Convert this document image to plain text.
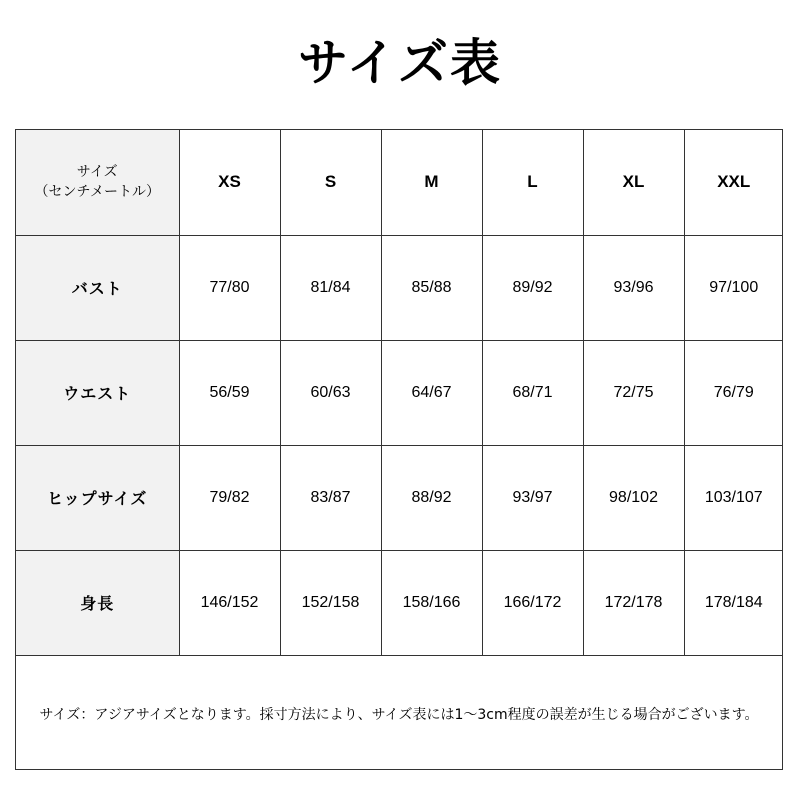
サイズ表
サイズ
（センチメートル）	XS	S	M	L	XL	XXL
バスト	77/80	81/84	85/88	89/92	93/96	97/100
ウエスト	56/59	60/63	64/67	68/71	72/75	76/79
ヒップサイズ	79/82	83/87	88/92	93/97	98/102	103/107
身長	146/152	152/158	158/166	166/172	172/178	178/184
サイズ：アジアサイズとなります。採寸方法により、サイズ表には1～3cm程度の誤差が生じる場合がございます。
